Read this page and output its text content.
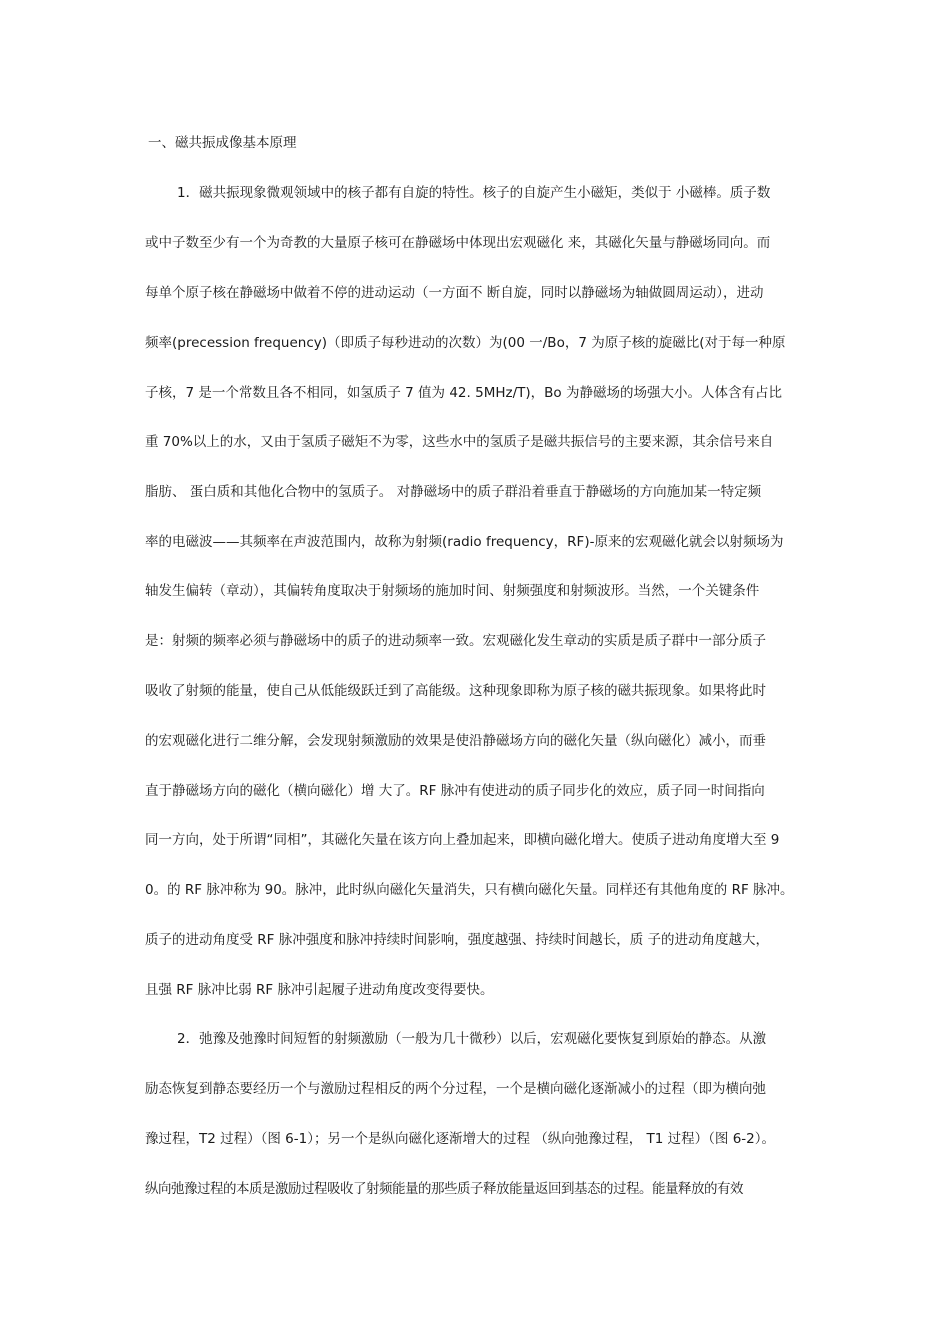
一、磁共振成像基本原理
1．磁共振现象微观领域中的核子都有自旋的特性。核子的自旋产生小磁矩，类似于 小磁棒。质子数
或中子数至少有一个为奇教的大量原子核可在静磁场中体现出宏观磁化 来，其磁化矢量与静磁场同向。而
每单个原子核在静磁场中做着不停的进动运动（一方面不 断自旋，同时以静磁场为轴做圆周运动），进动
频率(precession frequency)（即质子每秒进动的次数）为(00 一/Bo，7 为原子核的旋磁比(对于每一种原
子核，7 是一个常数且各不相同，如氢质子 7 值为 42. 5MHz/T)，Bo 为静磁场的场强大小。人体含有占比
重 70%以上的水，又由于氢质子磁矩不为零，这些水中的氢质子是磁共振信号的主要来源，其余信号来自
脂肪、 蛋白质和其他化合物中的氢质子。 对静磁场中的质子群沿着垂直于静磁场的方向施加某一特定频
率的电磁波——其频率在声波范围内，故称为射频(radio frequency，RF)-原来的宏观磁化就会以射频场为
轴发生偏转（章动），其偏转角度取决于射频场的施加时间、射频强度和射频波形。当然，一个关键条件
是：射频的频率必须与静磁场中的质子的进动频率一致。宏观磁化发生章动的实质是质子群中一部分质子
吸收了射频的能量，使自己从低能级跃迁到了高能级。这种现象即称为原子核的磁共振现象。如果将此时
的宏观磁化进行二维分解，会发现射频激励的效果是使沿静磁场方向的磁化矢量（纵向磁化）减小，而垂
直于静磁场方向的磁化（横向磁化）增 大了。RF 脉冲有使进动的质子同步化的效应，质子同一时间指向
同一方向，处于所谓“同相”，其磁化矢量在该方向上叠加起来，即横向磁化增大。使质子进动角度增大至 9
0。的 RF 脉冲称为 90。脉冲，此时纵向磁化矢量消失，只有横向磁化矢量。同样还有其他角度的 RF 脉冲。
质子的进动角度受 RF 脉冲强度和脉冲持续时间影响，强度越强、持续时间越长，质 子的进动角度越大，
且强 RF 脉冲比弱 RF 脉冲引起履子进动角度改变得要快。
2．弛豫及弛豫时间短暂的射频激励（一般为几十微秒）以后，宏观磁化要恢复到原始的静态。从激
励态恢复到静态要经历一个与激励过程相反的两个分过程，一个是横向磁化逐渐减小的过程（即为横向弛
豫过程，T2 过程）（图 6-1）；另一个是纵向磁化逐渐增大的过程 （纵向弛豫过程， T1 过程）（图 6-2）。
纵向弛豫过程的本质是激励过程吸收了射频能量的那些质子释放能量返回到基态的过程。能量释放的有效
